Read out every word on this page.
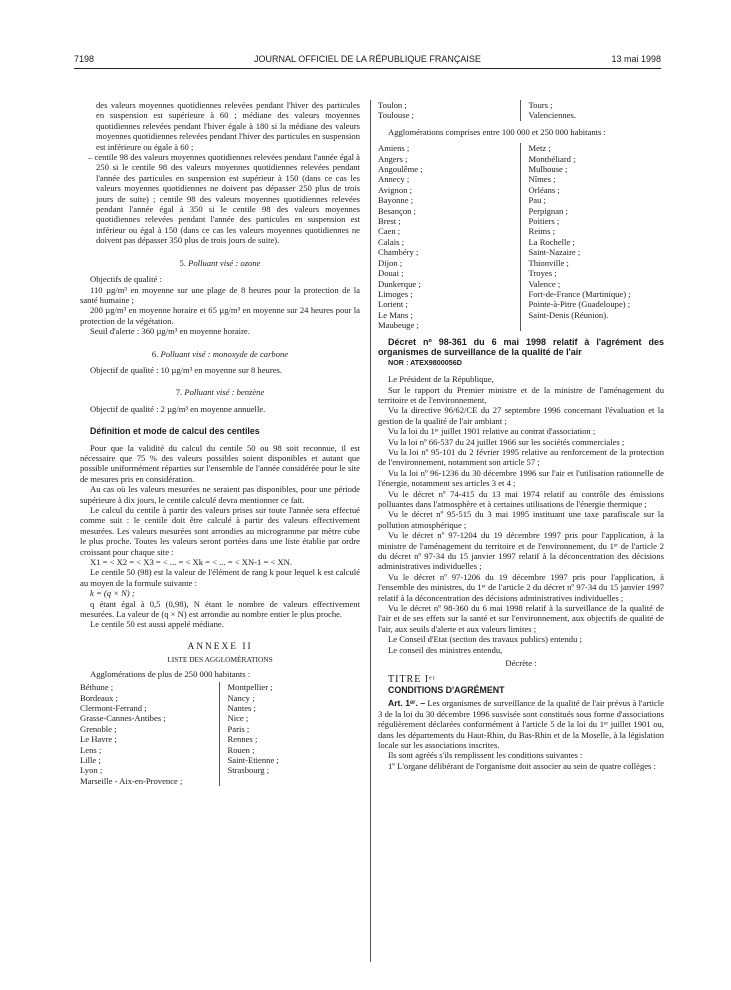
7198	JOURNAL OFFICIEL DE LA RÉPUBLIQUE FRANÇAISE	13 mai 1998

des valeurs moyennes quotidiennes relevées pendant l'hiver des particules en suspension est supérieure à 60 ; médiane des valeurs moyennes quotidiennes relevées pendant l'hiver égale à 180 si la médiane des valeurs moyennes quotidiennes relevées pendant l'hiver des particules en suspension est inférieure ou égale à 60 ;

– centile 98 des valeurs moyennes quotidiennes relevées pendant l'année égal à 250 si le centile 98 des valeurs moyennes quotidiennes relevées pendant l'année des particules en suspension est supérieur à 150 (dans ce cas les valeurs moyennes quotidiennes ne doivent pas dépasser 250 plus de trois jours de suite) ; centile 98 des valeurs moyennes quotidiennes relevées pendant l'année égal à 350 si le centile 98 des valeurs moyennes quotidiennes relevées pendant l'année des particules en suspension est inférieur ou égal à 150 (dans ce cas les valeurs moyennes quotidiennes ne doivent pas dépasser 350 plus de trois jours de suite).

5. Polluant visé : ozone

Objectifs de qualité :

110 µg/m³ en moyenne sur une plage de 8 heures pour la protection de la santé humaine ;

200 µg/m³ en moyenne horaire et 65 µg/m³ en moyenne sur 24 heures pour la protection de la végétation.

Seuil d'alerte : 360 µg/m³ en moyenne horaire.

6. Polluant visé : monoxyde de carbone

Objectif de qualité : 10 µg/m³ en moyenne sur 8 heures.

7. Polluant visé : benzène

Objectif de qualité : 2 µg/m³ en moyenne annuelle.

Définition et mode de calcul des centiles

Pour que la validité du calcul du centile 50 ou 98 soit reconnue, il est nécessaire que 75 % des valeurs possibles soient disponibles et autant que possible uniformément réparties sur l'ensemble de l'année considérée pour le site de mesures pris en considération.

Au cas où les valeurs mesurées ne seraient pas disponibles, pour une période supérieure à dix jours, le centile calculé devra mentionner ce fait.

Le calcul du centile à partir des valeurs prises sur toute l'année sera effectué comme suit : le centile doit être calculé à partir des valeurs effectivement mesurées. Les valeurs mesurées sont arrondies au microgramme par mètre cube le plus proche. Toutes les valeurs seront portées dans une liste établie par ordre croissant pour chaque site :

X1 = < X2 = < X3 = < ... = < Xk = < ... = < XN-1 = < XN.

Le centile 50 (98) est la valeur de l'élément de rang k pour lequel k est calculé au moyen de la formule suivante :

k = (q × N) ;

q étant égal à 0,5 (0,98), N étant le nombre de valeurs effectivement mesurées. La valeur de (q × N) est arrondie au nombre entier le plus proche.

Le centile 50 est aussi appelé médiane.

ANNEXE II

LISTE DES AGGLOMÉRATIONS

Agglomérations de plus de 250 000 habitants :

Béthune ;
Bordeaux ;
Clermont-Ferrand ;
Grasse-Cannes-Antibes ;
Grenoble ;
Le Havre ;
Lens ;
Lille ;
Lyon ;
Marseille - Aix-en-Provence ;
Montpellier ;
Nancy ;
Nantes ;
Nice ;
Paris ;
Rennes ;
Rouen ;
Saint-Etienne ;
Strasbourg ;
Toulon ;
Toulouse ;
Tours ;
Valenciennes.

Agglomérations comprises entre 100 000 et 250 000 habitants :

Amiens ;
Angers ;
Angoulême ;
Annecy ;
Avignon ;
Bayonne ;
Besançon ;
Brest ;
Caen ;
Calais ;
Chambéry ;
Dijon ;
Douai ;
Dunkerque ;
Limoges ;
Lorient ;
Le Mans ;
Maubeuge ;
Metz ;
Montbéliard ;
Mulhouse ;
Nîmes ;
Orléans ;
Pau ;
Perpignan ;
Poitiers ;
Reims ;
La Rochelle ;
Saint-Nazaire ;
Thionville ;
Troyes ;
Valence ;
Fort-de-France (Martinique) ;
Pointe-à-Pitre (Guadeloupe) ;
Saint-Denis (Réunion).

Décret nº 98-361 du 6 mai 1998 relatif à l'agrément des organismes de surveillance de la qualité de l'air

NOR : ATEX9800056D

Le Président de la République,

Sur le rapport du Premier ministre et de la ministre de l'aménagement du territoire et de l'environnement,

Vu la directive 96/62/CE du 27 septembre 1996 concernant l'évaluation et la gestion de la qualité de l'air ambiant ;

Vu la loi du 1ᵉʳ juillet 1901 relative au contrat d'association ;

Vu la loi nº 66-537 du 24 juillet 1966 sur les sociétés commerciales ;

Vu la loi nº 95-101 du 2 février 1995 relative au renforcement de la protection de l'environnement, notamment son article 57 ;

Vu la loi nº 96-1236 du 30 décembre 1996 sur l'air et l'utilisation rationnelle de l'énergie, notamment ses articles 3 et 4 ;

Vu le décret nº 74-415 du 13 mai 1974 relatif au contrôle des émissions polluantes dans l'atmosphère et à certaines utilisations de l'énergie thermique ;

Vu le décret nº 95-515 du 3 mai 1995 instituant une taxe parafiscale sur la pollution atmosphérique ;

Vu le décret nº 97-1204 du 19 décembre 1997 pris pour l'application, à la ministre de l'aménagement du territoire et de l'environnement, du 1ᵉʳ de l'article 2 du décret nº 97-34 du 15 janvier 1997 relatif à la déconcentration des décisions administratives individuelles ;

Vu le décret nº 97-1206 du 19 décembre 1997 pris pour l'application, à l'ensemble des ministres, du 1ᵉʳ de l'article 2 du décret nº 97-34 du 15 janvier 1997 relatif à la déconcentration des décisions administratives individuelles ;

Vu le décret nº 98-360 du 6 mai 1998 relatif à la surveillance de la qualité de l'air et de ses effets sur la santé et sur l'environnement, aux objectifs de qualité de l'air, aux seuils d'alerte et aux valeurs limites ;

Le Conseil d'Etat (section des travaux publics) entendu ;

Le conseil des ministres entendu,

Décrète :

TITRE Iᵉʳ

CONDITIONS D'AGRÉMENT

Art. 1ᵉʳ. – Les organismes de surveillance de la qualité de l'air prévus à l'article 3 de la loi du 30 décembre 1996 susvisée sont constitués sous forme d'associations régulièrement déclarées conformément à l'article 5 de la loi du 1ᵉʳ juillet 1901 ou, dans les départements du Haut-Rhin, du Bas-Rhin et de la Moselle, à la législation locale sur les associations inscrites.

Ils sont agréés s'ils remplissent les conditions suivantes :

1º L'organe délibérant de l'organisme doit associer au sein de quatre collèges :
